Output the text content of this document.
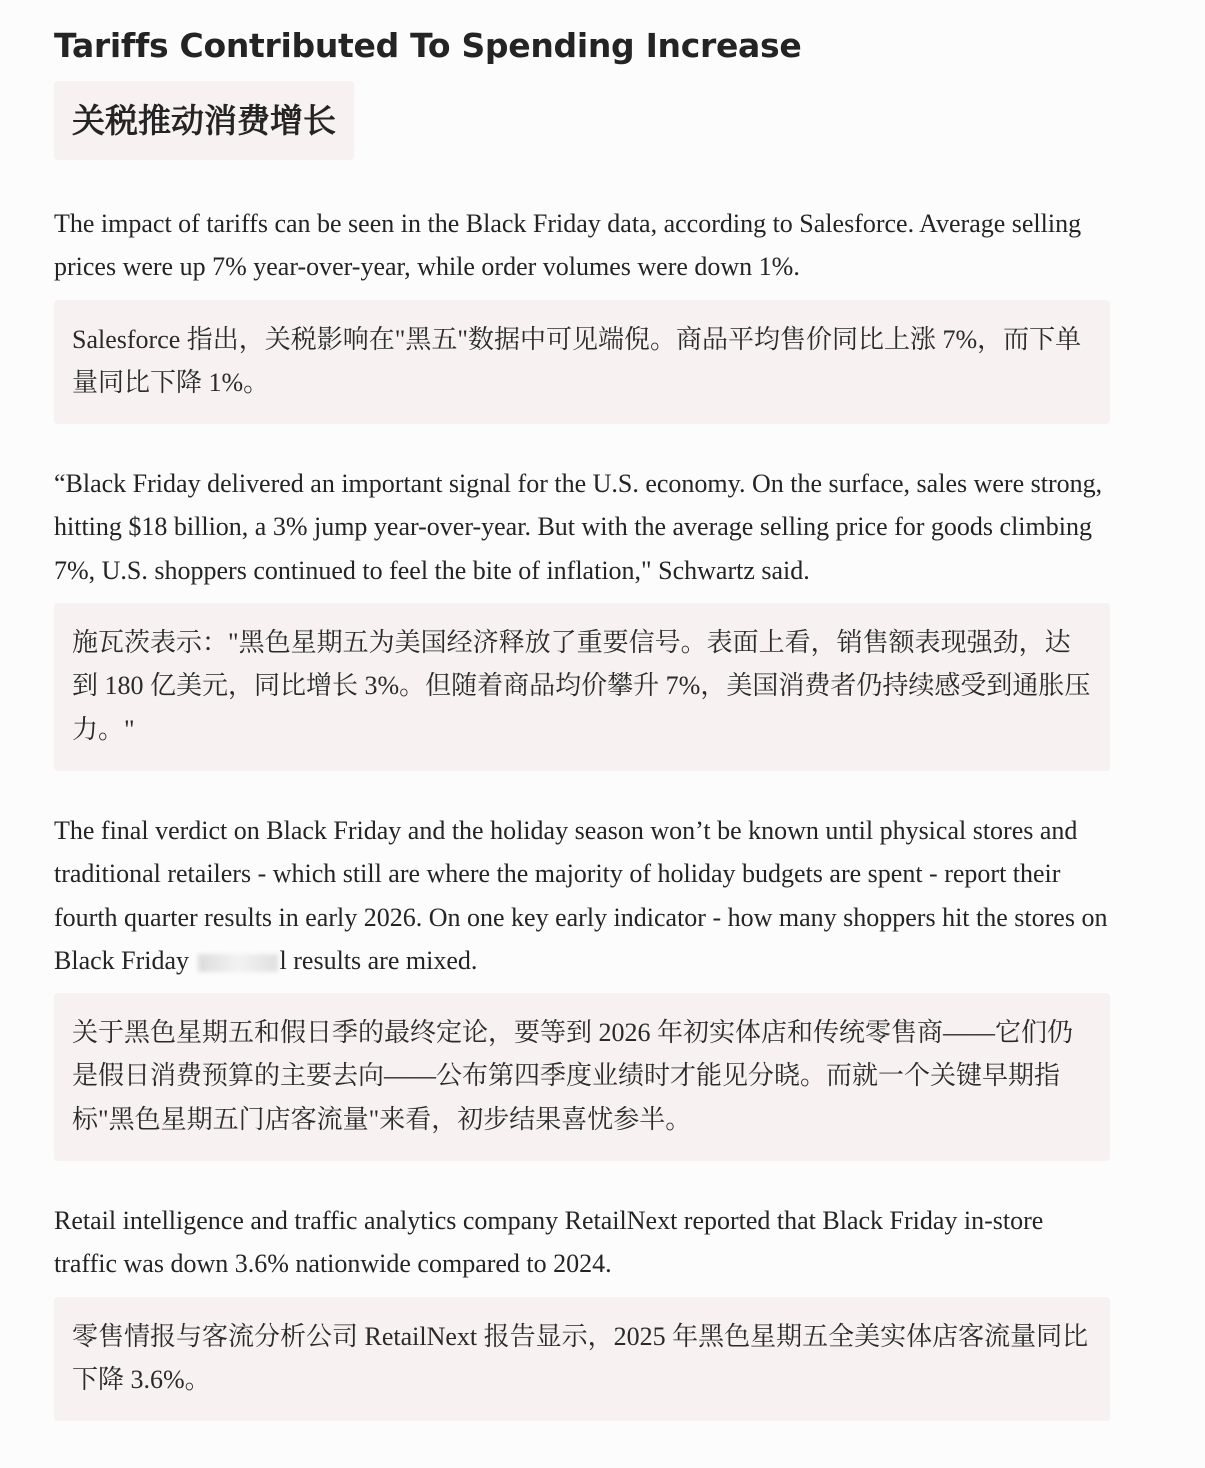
Tariffs Contributed To Spending Increase
关税推动消费增长

The impact of tariffs can be seen in the Black Friday data, according to Salesforce. Average selling prices were up 7% year-over-year, while order volumes were down 1%.

Salesforce 指出，关税影响在"黑五"数据中可见端倪。商品平均售价同比上涨 7%，而下单量同比下降 1%。

“Black Friday delivered an important signal for the U.S. economy. On the surface, sales were strong, hitting $18 billion, a 3% jump year-over-year. But with the average selling price for goods climbing 7%, U.S. shoppers continued to feel the bite of inflation," Schwartz said.

施瓦茨表示："黑色星期五为美国经济释放了重要信号。表面上看，销售额表现强劲，达到 180 亿美元，同比增长 3%。但随着商品均价攀升 7%，美国消费者仍持续感受到通胀压力。"

The final verdict on Black Friday and the holiday season won’t be known until physical stores and traditional retailers - which still are where the majority of holiday budgets are spent - report their fourth quarter results in early 2026. On one key early indicator - how many shoppers hit the stores on Black Friday	l results are mixed.

关于黑色星期五和假日季的最终定论，要等到 2026 年初实体店和传统零售商——它们仍是假日消费预算的主要去向——公布第四季度业绩时才能见分晓。而就一个关键早期指标"黑色星期五门店客流量"来看，初步结果喜忧参半。

Retail intelligence and traffic analytics company RetailNext reported that Black Friday in-store traffic was down 3.6% nationwide compared to 2024.

零售情报与客流分析公司 RetailNext 报告显示，2025 年黑色星期五全美实体店客流量同比下降 3.6%。
